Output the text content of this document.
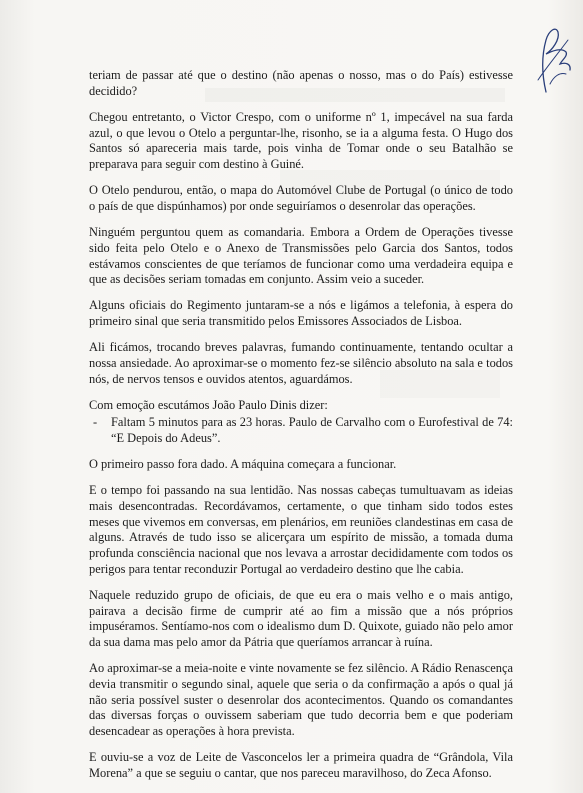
teriam de passar até que o destino (não apenas o nosso, mas o do País) estivesse decidido?

Chegou entretanto, o Victor Crespo, com o uniforme nº 1, impecável na sua farda azul, o que levou o Otelo a perguntar-lhe, risonho, se ia a alguma festa. O Hugo dos Santos só apareceria mais tarde, pois vinha de Tomar onde o seu Batalhão se preparava para seguir com destino à Guiné.

O Otelo pendurou, então, o mapa do Automóvel Clube de Portugal (o único de todo o país de que dispúnhamos) por onde seguiríamos o desenrolar das operações.

Ninguém perguntou quem as comandaria. Embora a Ordem de Operações tivesse sido feita pelo Otelo e o Anexo de Transmissões pelo Garcia dos Santos, todos estávamos conscientes de que teríamos de funcionar como uma verdadeira equipa e que as decisões seriam tomadas em conjunto. Assim veio a suceder.

Alguns oficiais do Regimento juntaram-se a nós e ligámos a telefonia, à espera do primeiro sinal que seria transmitido pelos Emissores Associados de Lisboa.

Ali ficámos, trocando breves palavras, fumando continuamente, tentando ocultar a nossa ansiedade. Ao aproximar-se o momento fez-se silêncio absoluto na sala e todos nós, de nervos tensos e ouvidos atentos, aguardámos.

Com emoção escutámos João Paulo Dinis dizer:

-	Faltam 5 minutos para as 23 horas. Paulo de Carvalho com o Eurofestival de 74: “E Depois do Adeus”.

O primeiro passo fora dado. A máquina começara a funcionar.

E o tempo foi passando na sua lentidão. Nas nossas cabeças tumultuavam as ideias mais desencontradas. Recordávamos, certamente, o que tinham sido todos estes meses que vivemos em conversas, em plenários, em reuniões clandestinas em casa de alguns. Através de tudo isso se alicerçara um espírito de missão, a tomada duma profunda consciência nacional que nos levava a arrostar decididamente com todos os perigos para tentar reconduzir Portugal ao verdadeiro destino que lhe cabia.

Naquele reduzido grupo de oficiais, de que eu era o mais velho e o mais antigo, pairava a decisão firme de cumprir até ao fim a missão que a nós próprios impuséramos. Sentíamo-nos com o idealismo dum D. Quixote, guiado não pelo amor da sua dama mas pelo amor da Pátria que queríamos arrancar à ruína.

Ao aproximar-se a meia-noite e vinte novamente se fez silêncio. A Rádio Renascença devia transmitir o segundo sinal, aquele que seria o da confirmação a após o qual já não seria possível suster o desenrolar dos acontecimentos. Quando os comandantes das diversas forças o ouvissem saberiam que tudo decorria bem e que poderiam desencadear as operações à hora prevista.

E ouviu-se a voz de Leite de Vasconcelos ler a primeira quadra de “Grândola, Vila Morena” a que se seguiu o cantar, que nos pareceu maravilhoso, do Zeca Afonso.
